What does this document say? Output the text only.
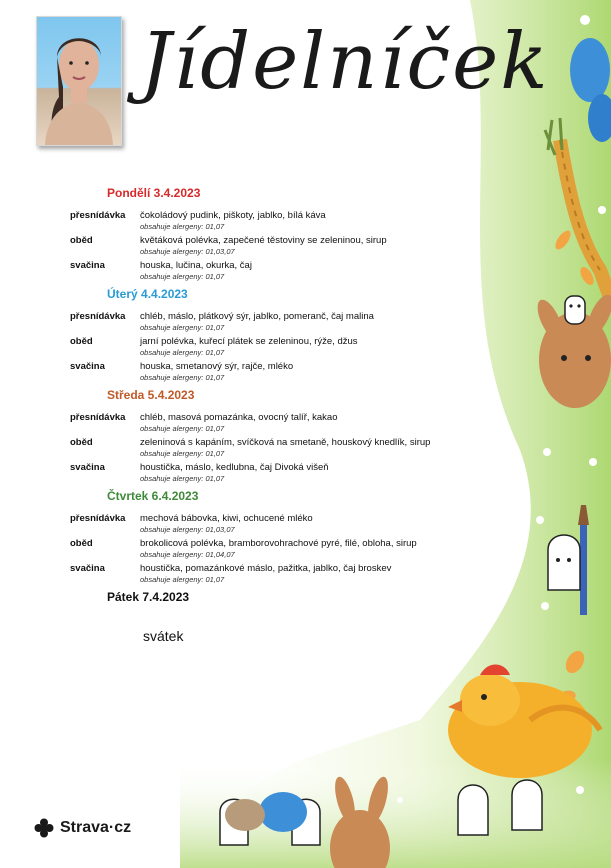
Jídelníček
Pondělí 3.4.2023
přesnídávka	čokoládový pudink, piškoty, jablko, bílá káva
obsahuje alergeny: 01,07
oběd	květáková polévka, zapečené těstoviny se zeleninou, sirup
obsahuje alergeny: 01,03,07
svačina	houska, lučina, okurka, čaj
obsahuje alergeny: 01,07
Úterý 4.4.2023
přesnídávka	chléb, máslo, plátkový sýr, jablko, pomeranč, čaj malina
obsahuje alergeny: 01,07
oběd	jarní polévka, kuřecí plátek se zeleninou, rýže, džus
obsahuje alergeny: 01,07
svačina	houska, smetanový sýr, rajče, mléko
obsahuje alergeny: 01,07
Středa 5.4.2023
přesnídávka	chléb, masová pomazánka, ovocný talíř, kakao
obsahuje alergeny: 01,07
oběd	zeleninová s kapáním, svíčková na smetaně, houskový knedlík, sirup
obsahuje alergeny: 01,07
svačina	houstička, máslo, kedlubna, čaj Divoká višeň
obsahuje alergeny: 01,07
Čtvrtek 6.4.2023
přesnídávka	mechová bábovka, kiwi, ochucené mléko
obsahuje alergeny: 01,03,07
oběd	brokolicová polévka, bramborovohrachové pyré, filé, obloha, sirup
obsahuje alergeny: 01,04,07
svačina	houstička, pomazánkové máslo, pažitka, jablko, čaj broskev
obsahuje alergeny: 01,07
Pátek 7.4.2023
svátek
Strava·cz
